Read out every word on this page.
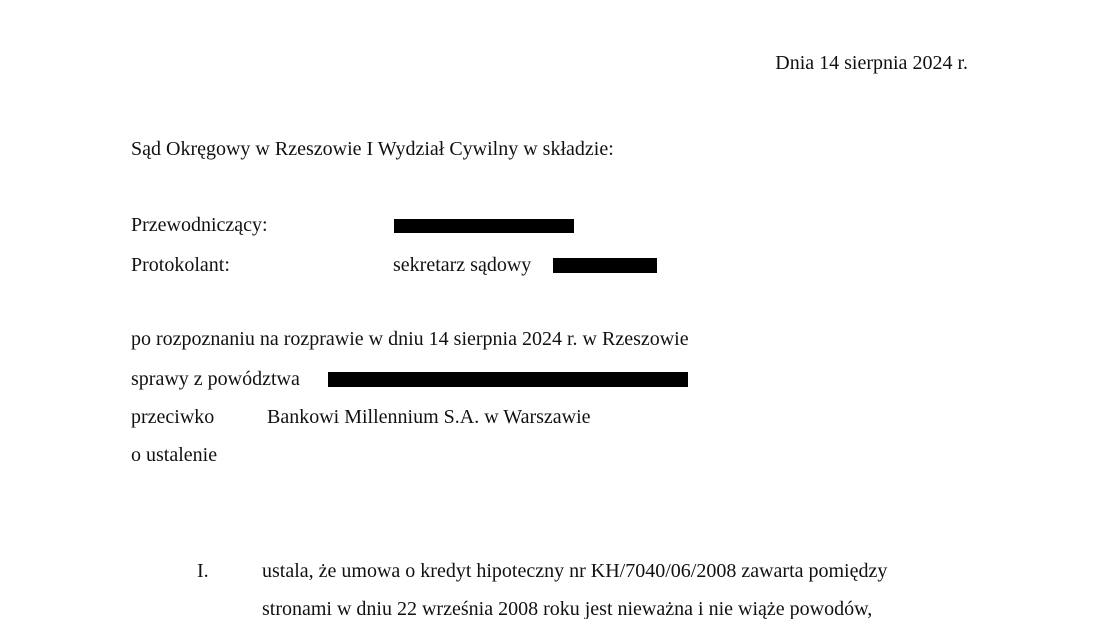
Dnia 14 sierpnia 2024 r.
Sąd Okręgowy w Rzeszowie I Wydział Cywilny w składzie:
Przewodniczący:
Protokolant:	sekretarz sądowy
po rozpoznaniu na rozprawie w dniu 14 sierpnia 2024 r. w Rzeszowie
sprawy z powództwa
przeciwko	Bankowi Millennium S.A. w Warszawie
o ustalenie
I.	ustala, że umowa o kredyt hipoteczny nr KH/7040/06/2008 zawarta pomiędzy
stronami w dniu 22 września 2008 roku jest nieważna i nie wiąże powodów,
